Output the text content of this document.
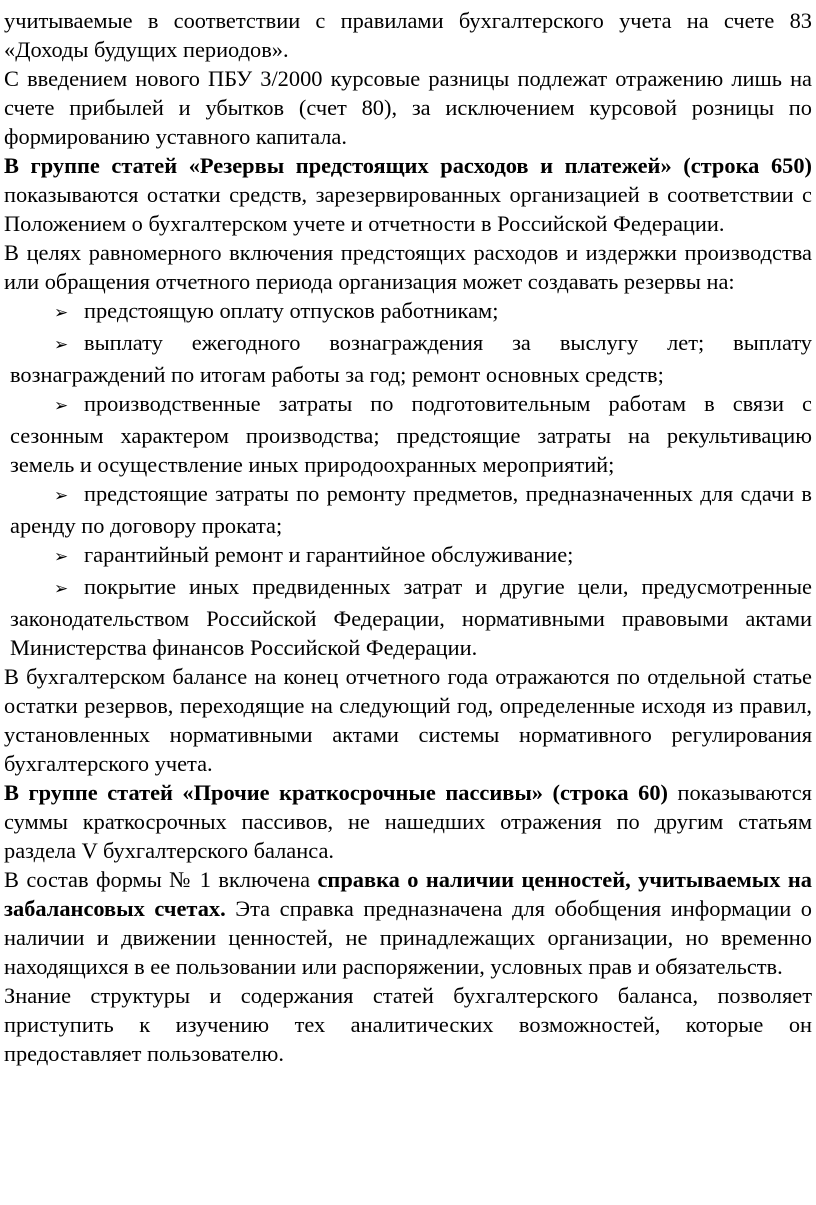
учитываемые в соответствии с правилами бухгалтерского учета на счете 83 «Доходы будущих периодов».

С введением нового ПБУ 3/2000 курсовые разницы подлежат отражению лишь на счете прибылей и убытков (счет 80), за исключением курсовой розницы по формированию уставного капитала.

В группе статей «Резервы предстоящих расходов и платежей» (строка 650) показываются остатки средств, зарезервированных организацией в соответствии с Положением о бухгалтерском учете и отчетности в Российской Федерации.

В целях равномерного включения предстоящих расходов и издержки производства или обращения отчетного периода организация может создавать резервы на:

➢ предстоящую оплату отпусков работникам;

➢ выплату ежегодного вознаграждения за выслугу лет; выплату вознаграждений по итогам работы за год; ремонт основных средств;

➢ производственные затраты по подготовительным работам в связи с сезонным характером производства; предстоящие затраты на рекультивацию земель и осуществление иных природоохранных мероприятий;

➢ предстоящие затраты по ремонту предметов, предназначенных для сдачи в аренду по договору проката;

➢ гарантийный ремонт и гарантийное обслуживание;

➢ покрытие иных предвиденных затрат и другие цели, предусмотренные законодательством Российской Федерации, нормативными правовыми актами Министерства финансов Российской Федерации.

В бухгалтерском балансе на конец отчетного года отражаются по отдельной статье остатки резервов, переходящие на следующий год, определенные исходя из правил, установленных нормативными актами системы нормативного регулирования бухгалтерского учета.

В группе статей «Прочие краткосрочные пассивы» (строка 60) показываются суммы краткосрочных пассивов, не нашедших отражения по другим статьям раздела V бухгалтерского баланса.

В состав формы № 1 включена справка о наличии ценностей, учитываемых на забалансовых счетах. Эта справка предназначена для обобщения информации о наличии и движении ценностей, не принадлежащих организации, но временно находящихся в ее пользовании или распоряжении, условных прав и обязательств.

Знание структуры и содержания статей бухгалтерского баланса, позволяет приступить к изучению тех аналитических возможностей, которые он предоставляет пользователю.
